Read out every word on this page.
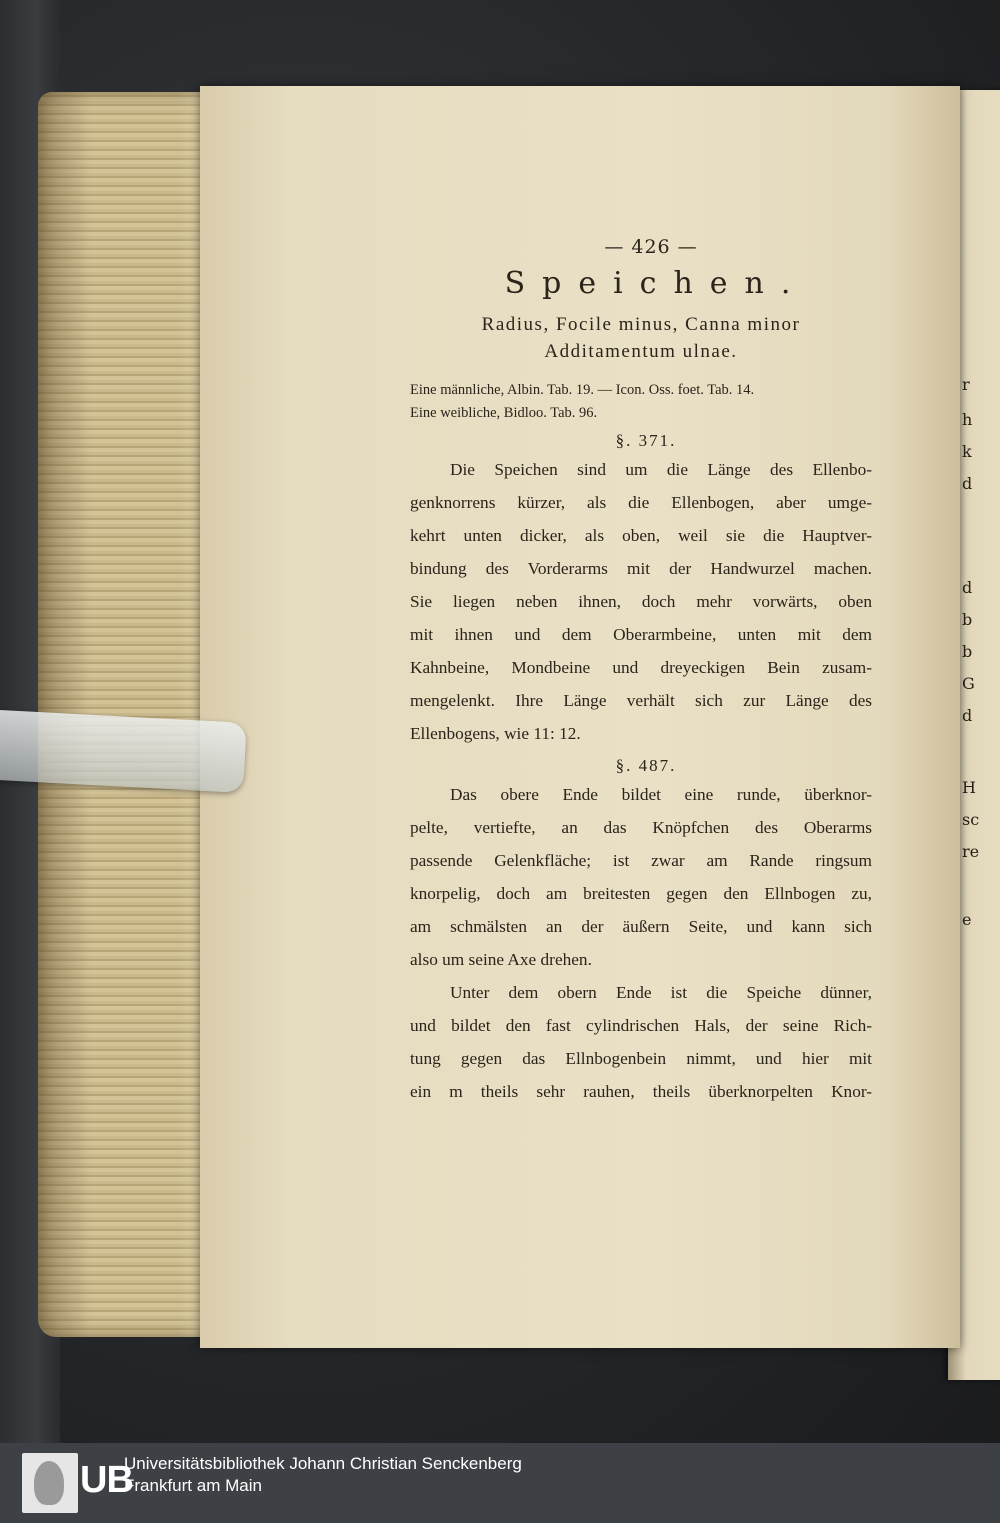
r
h
k
d
d
b
b
G
d
H
sc
re
e
— 426 —
Speichen.
Radius, Focile minus, Canna minor
Additamentum ulnae.
Eine männliche, Albin. Tab. 19. — Icon. Oss. foet. Tab. 14.
Eine weibliche, Bidloo. Tab. 96.
§. 371.
Die Speichen sind um die Länge des Ellenbo-
genknorrens kürzer, als die Ellenbogen, aber umge-
kehrt unten dicker, als oben, weil sie die Hauptver-
bindung des Vorderarms mit der Handwurzel machen.
Sie liegen neben ihnen, doch mehr vorwärts, oben
mit ihnen und dem Oberarmbeine, unten mit dem
Kahnbeine, Mondbeine und dreyeckigen Bein zusam-
mengelenkt. Ihre Länge verhält sich zur Länge des
Ellenbogens, wie 11: 12.
§. 487.
Das obere Ende bildet eine runde, überknor-
pelte, vertiefte, an das Knöpfchen des Oberarms
passende Gelenkfläche; ist zwar am Rande ringsum
knorpelig, doch am breitesten gegen den Ellnbogen zu,
am schmälsten an der äußern Seite, und kann sich
also um seine Axe drehen.
Unter dem obern Ende ist die Speiche dünner,
und bildet den fast cylindrischen Hals, der seine Rich-
tung gegen das Ellnbogenbein nimmt, und hier mit
ein m theils sehr rauhen, theils überknorpelten Knor-
UB
Universitätsbibliothek Johann Christian Senckenberg
Frankfurt am Main
